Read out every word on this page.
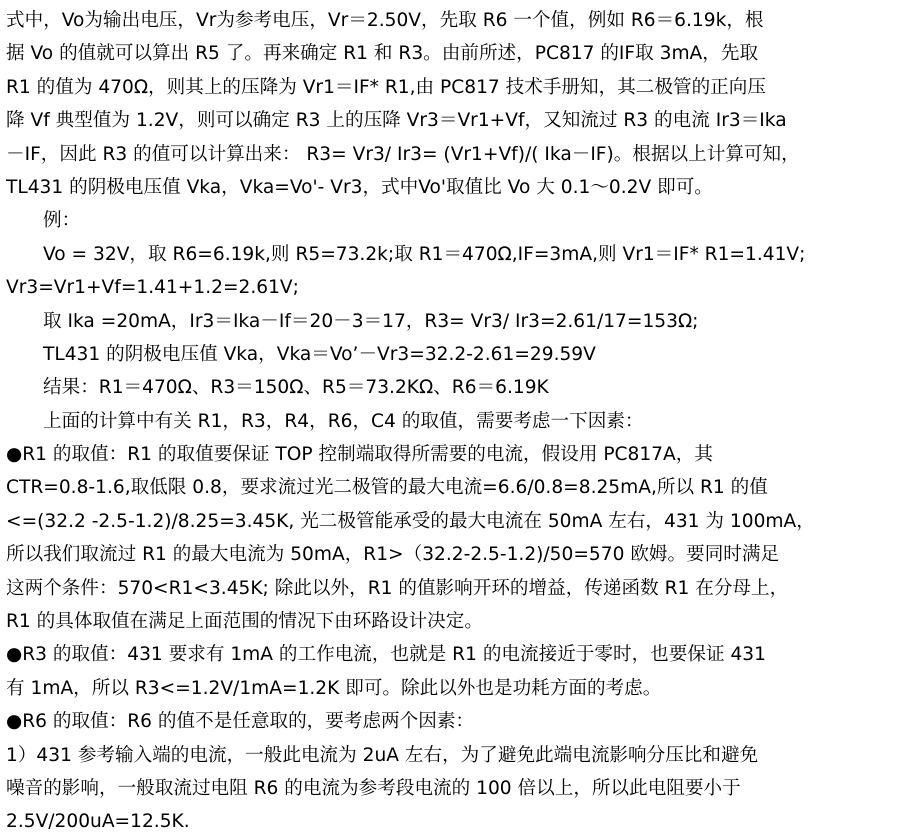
式中，Vo为输出电压，Vr为参考电压，Vr＝2.50V，先取 R6 一个值，例如 R6＝6.19k，根
据 Vo 的值就可以算出 R5 了。再来确定 R1 和 R3。由前所述，PC817 的IF取 3mA，先取
R1 的值为 470Ω，则其上的压降为 Vr1＝IF* R1,由 PC817 技术手册知，其二极管的正向压
降 Vf 典型值为 1.2V，则可以确定 R3 上的压降 Vr3＝Vr1+Vf，又知流过 R3 的电流 Ir3＝Ika
－IF，因此 R3 的值可以计算出来： R3= Vr3/ Ir3= (Vr1+Vf)/( Ika－IF)。根据以上计算可知，
TL431 的阴极电压值 Vka，Vka=Vo'- Vr3，式中Vo'取值比 Vo 大 0.1～0.2V 即可。
例：
Vo = 32V，取 R6=6.19k,则 R5=73.2k;取 R1＝470Ω,IF=3mA,则 Vr1＝IF* R1=1.41V;
Vr3=Vr1+Vf=1.41+1.2=2.61V;
取 Ika =20mA，Ir3＝Ika－If＝20－3＝17，R3= Vr3/ Ir3=2.61/17=153Ω;
TL431 的阴极电压值 Vka，Vka＝Vo’－Vr3=32.2-2.61=29.59V
结果：R1＝470Ω、R3＝150Ω、R5＝73.2KΩ、R6＝6.19K
上面的计算中有关 R1，R3，R4，R6，C4 的取值，需要考虑一下因素：
●R1 的取值：R1 的取值要保证 TOP 控制端取得所需要的电流，假设用 PC817A，其
CTR=0.8-1.6,取低限 0.8，要求流过光二极管的最大电流=6.6/0.8=8.25mA,所以 R1 的值
<=(32.2 -2.5-1.2)/8.25=3.45K, 光二极管能承受的最大电流在 50mA 左右，431 为 100mA，
所以我们取流过 R1 的最大电流为 50mA，R1>（32.2-2.5-1.2)/50=570 欧姆。要同时满足
这两个条件：570<R1<3.45K; 除此以外，R1 的值影响开环的增益，传递函数 R1 在分母上，
R1 的具体取值在满足上面范围的情况下由环路设计决定。
●R3 的取值：431 要求有 1mA 的工作电流，也就是 R1 的电流接近于零时，也要保证 431
有 1mA，所以 R3<=1.2V/1mA=1.2K 即可。除此以外也是功耗方面的考虑。
●R6 的取值：R6 的值不是任意取的，要考虑两个因素：
1）431 参考输入端的电流，一般此电流为 2uA 左右，为了避免此端电流影响分压比和避免
噪音的影响，一般取流过电阻 R6 的电流为参考段电流的 100 倍以上，所以此电阻要小于
2.5V/200uA=12.5K.
